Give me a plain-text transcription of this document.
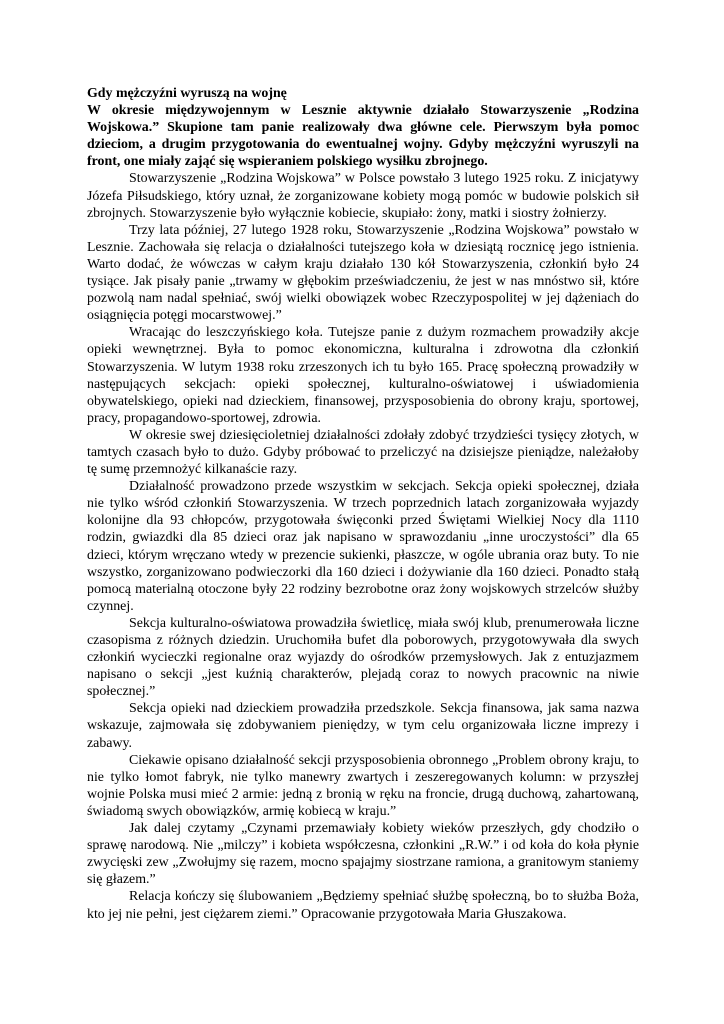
Gdy mężczyźni wyruszą na wojnę

W okresie międzywojennym w Lesznie aktywnie działało Stowarzyszenie „Rodzina Wojskowa.” Skupione tam panie realizowały dwa główne cele. Pierwszym była pomoc dzieciom, a drugim przygotowania do ewentualnej wojny. Gdyby mężczyźni wyruszyli na front, one miały zająć się wspieraniem polskiego wysiłku zbrojnego.

Stowarzyszenie „Rodzina Wojskowa” w Polsce powstało 3 lutego 1925 roku. Z inicjatywy Józefa Piłsudskiego, który uznał, że zorganizowane kobiety mogą pomóc w budowie polskich sił zbrojnych. Stowarzyszenie było wyłącznie kobiecie, skupiało: żony, matki i siostry żołnierzy.

Trzy lata później, 27 lutego 1928 roku, Stowarzyszenie „Rodzina Wojskowa” powstało w Lesznie. Zachowała się relacja o działalności tutejszego koła w dziesiątą rocznicę jego istnienia. Warto dodać, że wówczas w całym kraju działało 130 kół Stowarzyszenia, członkiń było 24 tysiące. Jak pisały panie „trwamy w głębokim przeświadczeniu, że jest w nas mnóstwo sił, które pozwolą nam nadal spełniać, swój wielki obowiązek wobec Rzeczypospolitej w jej dążeniach do osiągnięcia potęgi mocarstwowej.”

Wracając do leszczyńskiego koła. Tutejsze panie z dużym rozmachem prowadziły akcje opieki wewnętrznej. Była to pomoc ekonomiczna, kulturalna i zdrowotna dla członkiń Stowarzyszenia. W lutym 1938 roku zrzeszonych ich tu było 165. Pracę społeczną prowadziły w następujących sekcjach: opieki społecznej, kulturalno-oświatowej i uświadomienia obywatelskiego, opieki nad dzieckiem, finansowej, przysposobienia do obrony kraju, sportowej, pracy, propagandowo-sportowej, zdrowia.

W okresie swej dziesięcioletniej działalności zdołały zdobyć trzydzieści tysięcy złotych, w tamtych czasach było to dużo. Gdyby próbować to przeliczyć na dzisiejsze pieniądze, należałoby tę sumę przemnożyć kilkanaście razy.

Działalność prowadzono przede wszystkim w sekcjach. Sekcja opieki społecznej, działa nie tylko wśród członkiń Stowarzyszenia. W trzech poprzednich latach zorganizowała wyjazdy kolonijne dla 93 chłopców, przygotowała święconki przed Świętami Wielkiej Nocy dla 1110 rodzin, gwiazdki dla 85 dzieci oraz jak napisano w sprawozdaniu „inne uroczystości” dla 65 dzieci, którym wręczano wtedy w prezencie sukienki, płaszcze, w ogóle ubrania oraz buty. To nie wszystko, zorganizowano podwieczorki dla 160 dzieci i dożywianie dla 160 dzieci. Ponadto stałą pomocą materialną otoczone były 22 rodziny bezrobotne oraz żony wojskowych strzelców służby czynnej.

Sekcja kulturalno-oświatowa prowadziła świetlicę, miała swój klub, prenumerowała liczne czasopisma z różnych dziedzin. Uruchomiła bufet dla poborowych, przygotowywała dla swych członkiń wycieczki regionalne oraz wyjazdy do ośrodków przemysłowych. Jak z entuzjazmem napisano o sekcji „jest kuźnią charakterów, plejadą coraz to nowych pracownic na niwie społecznej.”

Sekcja opieki nad dzieckiem prowadziła przedszkole. Sekcja finansowa, jak sama nazwa wskazuje, zajmowała się zdobywaniem pieniędzy, w tym celu organizowała liczne imprezy i zabawy.

Ciekawie opisano działalność sekcji przysposobienia obronnego „Problem obrony kraju, to nie tylko łomot fabryk, nie tylko manewry zwartych i zeszeregowanych kolumn: w przyszłej wojnie Polska musi mieć 2 armie: jedną z bronią w ręku na froncie, drugą duchową, zahartowaną, świadomą swych obowiązków, armię kobiecą w kraju.”

Jak dalej czytamy „Czynami przemawiały kobiety wieków przeszłych, gdy chodziło o sprawę narodową. Nie „milczy” i kobieta współczesna, członkini „R.W.” i od koła do koła płynie zwycięski zew „Zwołujmy się razem, mocno spajajmy siostrzane ramiona, a granitowym staniemy się głazem.”

Relacja kończy się ślubowaniem „Będziemy spełniać służbę społeczną, bo to służba Boża, kto jej nie pełni, jest ciężarem ziemi.” Opracowanie przygotowała Maria Głuszakowa.
